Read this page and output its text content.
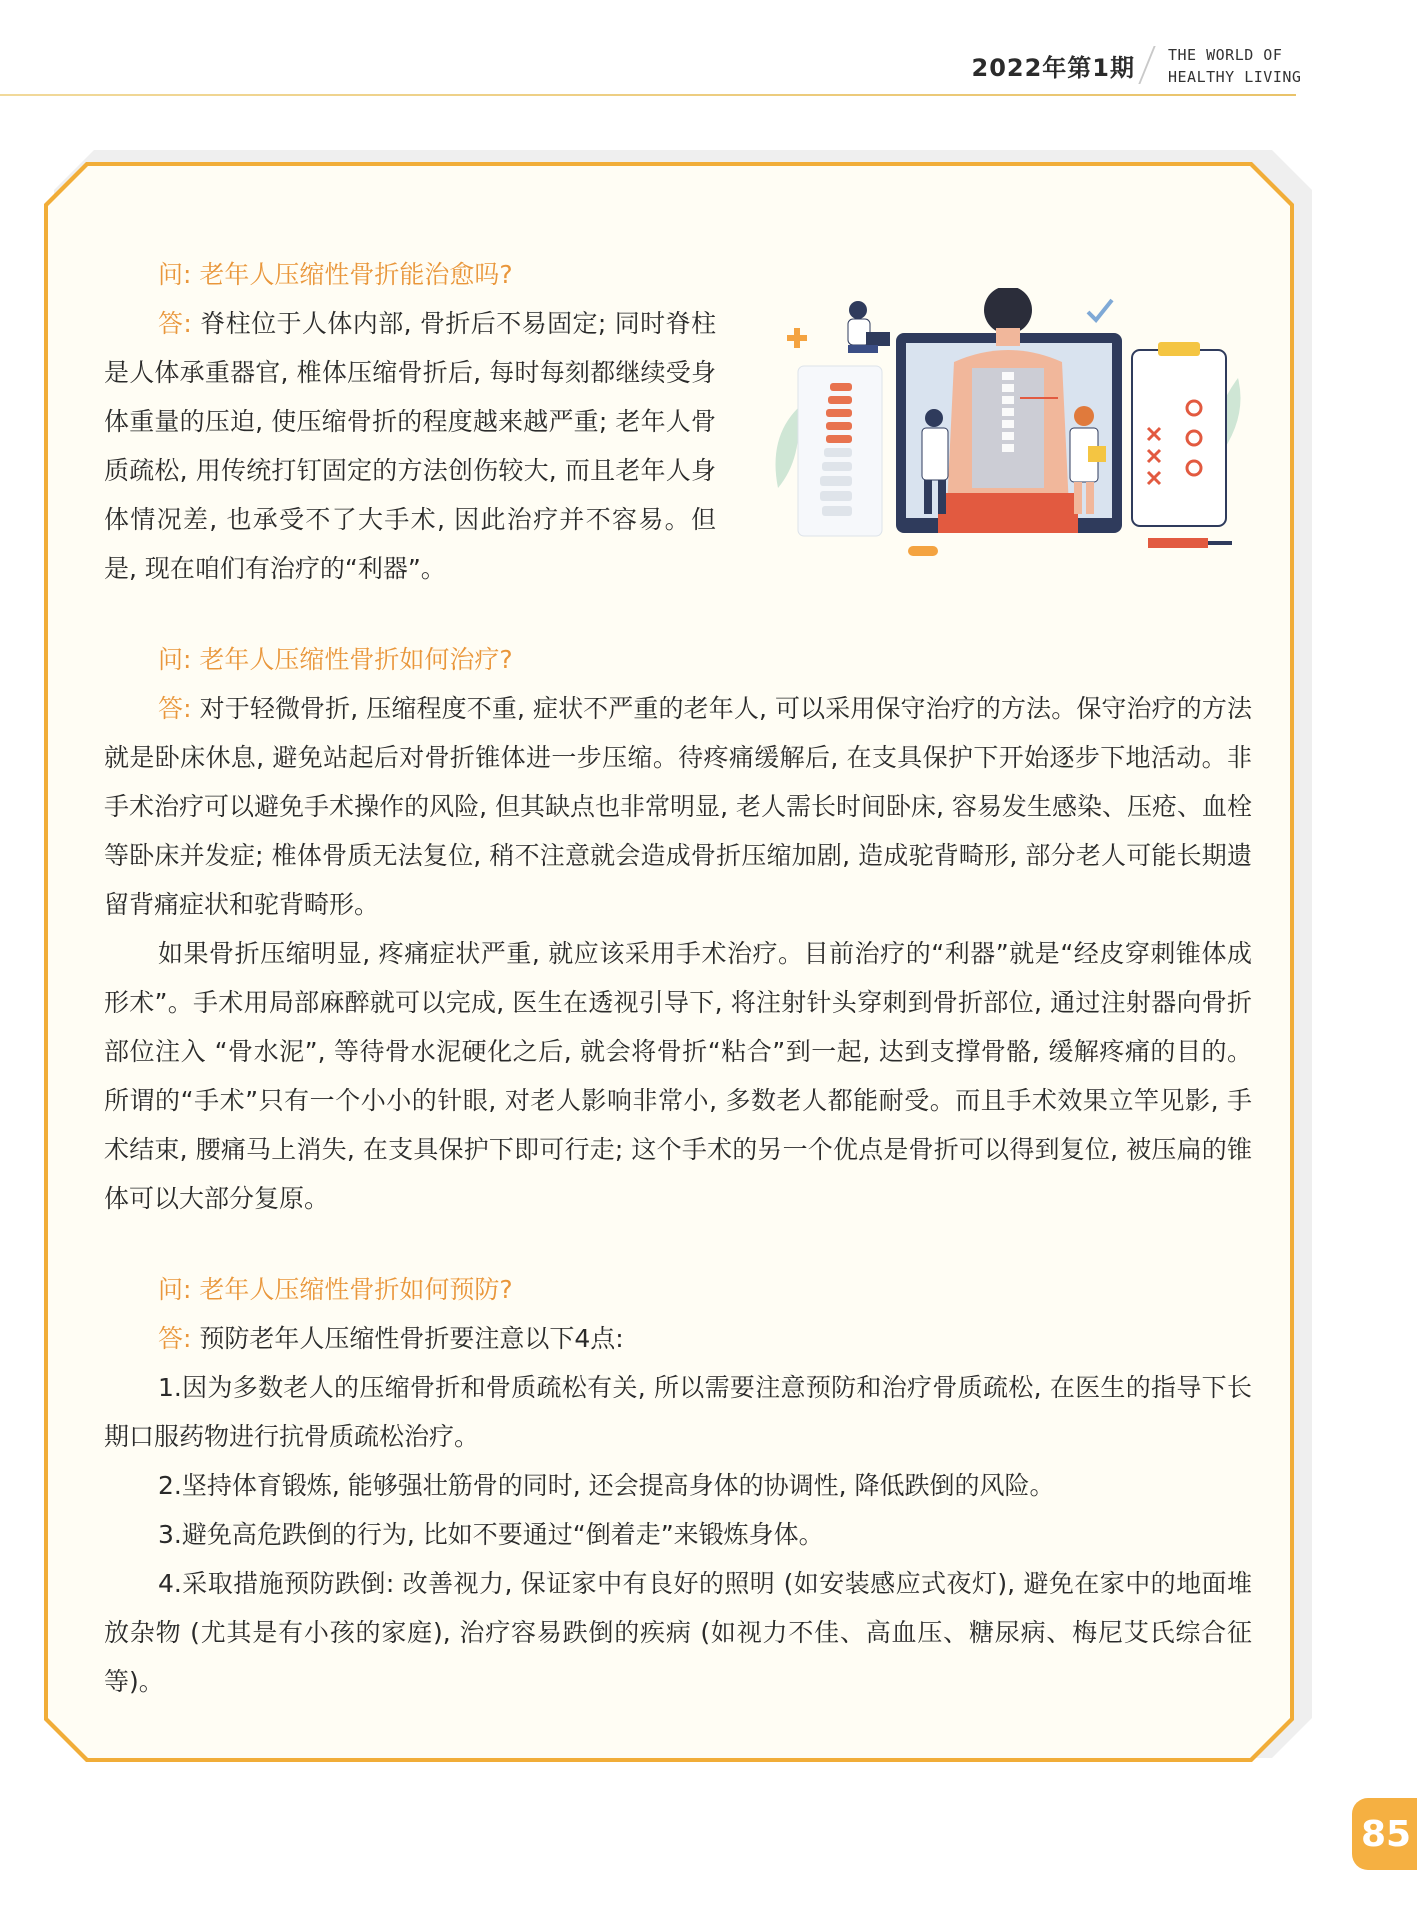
2022年第1期 THE WORLD OF
HEALTHY LIVING

问: 老年人压缩性骨折能治愈吗?

答: 脊柱位于人体内部, 骨折后不易固定; 同时脊柱是人体承重器官, 椎体压缩骨折后, 每时每刻都继续受身体重量的压迫, 使压缩骨折的程度越来越严重; 老年人骨质疏松, 用传统打钉固定的方法创伤较大, 而且老年人身体情况差, 也承受不了大手术, 因此治疗并不容易。但是, 现在咱们有治疗的“利器”。

问: 老年人压缩性骨折如何治疗?

答: 对于轻微骨折, 压缩程度不重, 症状不严重的老年人, 可以采用保守治疗的方法。保守治疗的方法就是卧床休息, 避免站起后对骨折锥体进一步压缩。待疼痛缓解后, 在支具保护下开始逐步下地活动。非手术治疗可以避免手术操作的风险, 但其缺点也非常明显, 老人需长时间卧床, 容易发生感染、压疮、血栓等卧床并发症; 椎体骨质无法复位, 稍不注意就会造成骨折压缩加剧, 造成驼背畸形, 部分老人可能长期遗留背痛症状和驼背畸形。

如果骨折压缩明显, 疼痛症状严重, 就应该采用手术治疗。目前治疗的“利器”就是“经皮穿刺锥体成形术”。手术用局部麻醉就可以完成, 医生在透视引导下, 将注射针头穿刺到骨折部位, 通过注射器向骨折部位注入 “骨水泥”, 等待骨水泥硬化之后, 就会将骨折“粘合”到一起, 达到支撑骨骼, 缓解疼痛的目的。所谓的“手术”只有一个小小的针眼, 对老人影响非常小, 多数老人都能耐受。而且手术效果立竿见影, 手术结束, 腰痛马上消失, 在支具保护下即可行走; 这个手术的另一个优点是骨折可以得到复位, 被压扁的锥体可以大部分复原。

问: 老年人压缩性骨折如何预防?

答: 预防老年人压缩性骨折要注意以下4点:

1.因为多数老人的压缩骨折和骨质疏松有关, 所以需要注意预防和治疗骨质疏松, 在医生的指导下长期口服药物进行抗骨质疏松治疗。

2.坚持体育锻炼, 能够强壮筋骨的同时, 还会提高身体的协调性, 降低跌倒的风险。

3.避免高危跌倒的行为, 比如不要通过“倒着走”来锻炼身体。

4.采取措施预防跌倒: 改善视力, 保证家中有良好的照明 (如安装感应式夜灯), 避免在家中的地面堆放杂物 (尤其是有小孩的家庭), 治疗容易跌倒的疾病 (如视力不佳、高血压、糖尿病、梅尼艾氏综合征等)。

85
